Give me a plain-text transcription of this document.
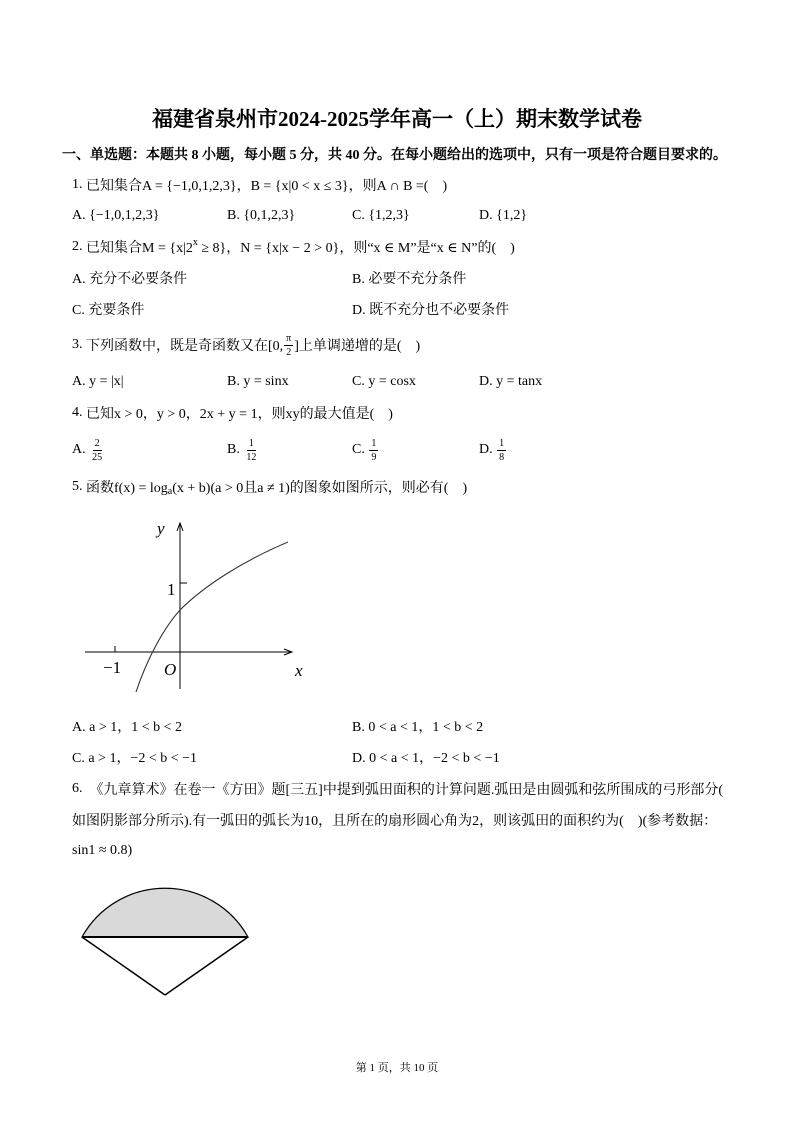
福建省泉州市2024-2025学年高一（上）期末数学试卷
一、单选题：本题共 8 小题，每小题 5 分，共 40 分。在每小题给出的选项中，只有一项是符合题目要求的。
1. 已知集合A = {−1,0,1,2,3}，B = {x|0 < x ≤ 3}，则A ∩ B =(    )
A. {−1,0,1,2,3}	B. {0,1,2,3}	C. {1,2,3}	D. {1,2}
2. 已知集合M = {x|2 x ≥ 8}，N = {x|x − 2 > 0}，则“x ∈ M”是“x ∈ N”的(    )
A. 充分不必要条件	B. 必要不充分条件
C. 充要条件	D. 既不充分也不必要条件
3. 下列函数中，既是奇函数又在[0, $\frac{\pi}{2}$ ]上单调递增的是(    )
A. y = |x|	B. y = sinx	C. y = cosx	D. y = tanx
4. 已知x > 0，y > 0，2x + y = 1，则xy的最大值是(    )
A. $\frac{2}{25}$	B. $\frac{1}{12}$	C. $\frac{1}{9}$	D. $\frac{1}{8}$
5. 函数f(x) = log a (x + b)(a > 0且a ≠ 1)的图象如图所示，则必有(    )
y
1
−1	O	x
A. a > 1，1 < b < 2	B. 0 < a < 1，1 < b < 2
C. a > 1，−2 < b < −1	D. 0 < a < 1，−2 < b < −1
6. 《九章算术》在卷一《方田》题[三五]中提到弧田面积的计算问题.弧田是由圆弧和弦所围成的弓形部分(
如图阴影部分所示).有一弧田的弧长为10，且所在的扇形圆心角为2，则该弧田的面积约为(    )(参考数据：
sin1 ≈ 0.8)
第 1 页，共 10 页
